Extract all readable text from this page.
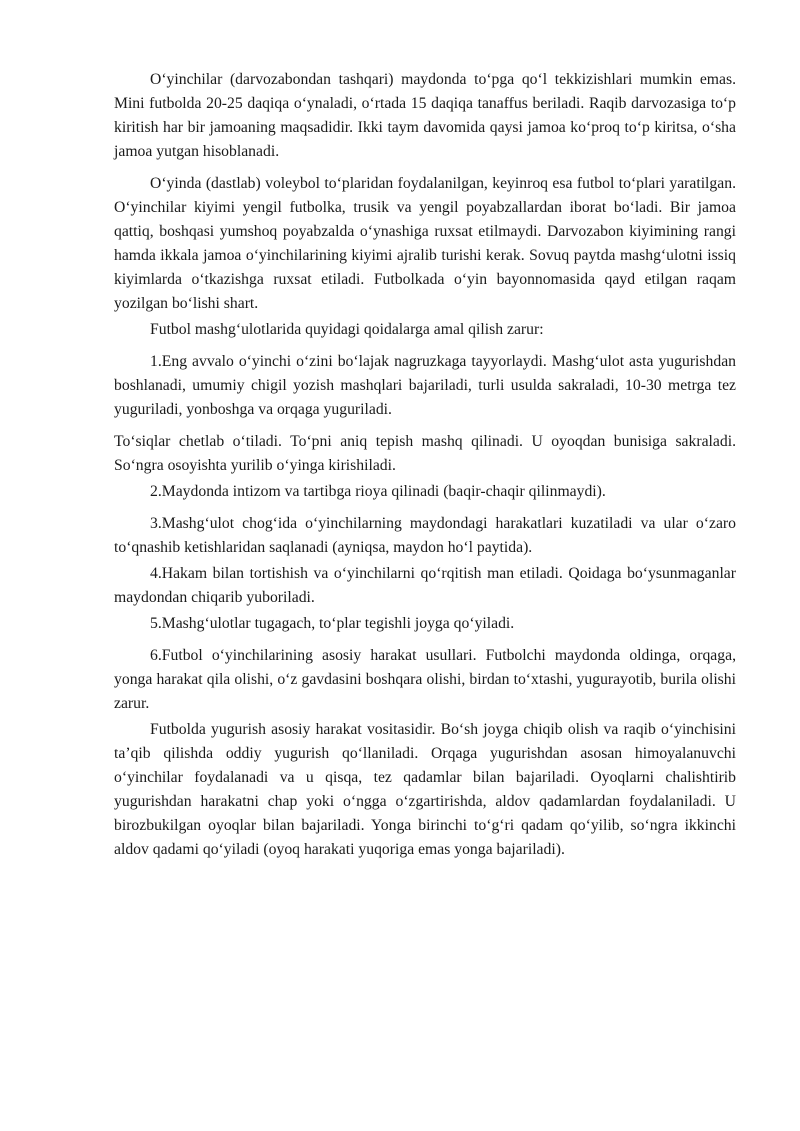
O‘yinchilar (darvozabondan tashqari) maydonda to‘pga qo‘l tekkizishlari mumkin emas. Mini futbolda 20-25 daqiqa o‘ynaladi, o‘rtada 15 daqiqa tanaffus beriladi. Raqib darvozasiga to‘p kiritish har bir jamoaning maqsadidir. Ikki taym davomida qaysi jamoa ko‘proq to‘p kiritsa, o‘sha jamoa yutgan hisoblanadi.

O‘yinda (dastlab) voleybol to‘plaridan foydalanilgan, keyinroq esa futbol to‘plari yaratilgan. O‘yinchilar kiyimi yengil futbolka, trusik va yengil poyabzallardan iborat bo‘ladi. Bir jamoa qattiq, boshqasi yumshoq poyabzalda o‘ynashiga ruxsat etilmaydi. Darvozabon kiyimining rangi hamda ikkala jamoa o‘yinchilarining kiyimi ajralib turishi kerak. Sovuq paytda mashg‘ulotni issiq kiyimlarda o‘tkazishga ruxsat etiladi. Futbolkada o‘yin bayonnomasida qayd etilgan raqam yozilgan bo‘lishi shart.

Futbol mashg‘ulotlarida quyidagi qoidalarga amal qilish zarur:

1.Eng avvalo o‘yinchi o‘zini bo‘lajak nagruzkaga tayyorlaydi. Mashg‘ulot asta yugurishdan boshlanadi, umumiy chigil yozish mashqlari bajariladi, turli usulda sakraladi, 10-30 metrga tez yuguriladi, yonboshga va orqaga yuguriladi.

To‘siqlar chetlab o‘tiladi. To‘pni aniq tepish mashq qilinadi. U oyoqdan bunisiga sakraladi. So‘ngra osoyishta yurilib o‘yinga kirishiladi.

2.Maydonda intizom va tartibga rioya qilinadi (baqir-chaqir qilinmaydi).

3.Mashg‘ulot chog‘ida o‘yinchilarning maydondagi harakatlari kuzatiladi va ular o‘zaro to‘qnashib ketishlaridan saqlanadi (ayniqsa, maydon ho‘l paytida).

4.Hakam bilan tortishish va o‘yinchilarni qo‘rqitish man etiladi. Qoidaga bo‘ysunmaganlar maydondan chiqarib yuboriladi.

5.Mashg‘ulotlar tugagach, to‘plar tegishli joyga qo‘yiladi.

6.Futbol o‘yinchilarining asosiy harakat usullari. Futbolchi maydonda oldinga, orqaga, yonga harakat qila olishi, o‘z gavdasini boshqara olishi, birdan to‘xtashi, yugurayotib, burila olishi zarur.

Futbolda yugurish asosiy harakat vositasidir. Bo‘sh joyga chiqib olish va raqib o‘yinchisini ta’qib qilishda oddiy yugurish qo‘llaniladi. Orqaga yugurishdan asosan himoyalanuvchi o‘yinchilar foydalanadi va u qisqa, tez qadamlar bilan bajariladi. Oyoqlarni chalishtirib yugurishdan harakatni chap yoki o‘ngga o‘zgartirishda, aldov qadamlardan foydalaniladi. U birozbukilgan oyoqlar bilan bajariladi. Yonga birinchi to‘g‘ri qadam qo‘yilib, so‘ngra ikkinchi aldov qadami qo‘yiladi (oyoq harakati yuqoriga emas yonga bajariladi).
